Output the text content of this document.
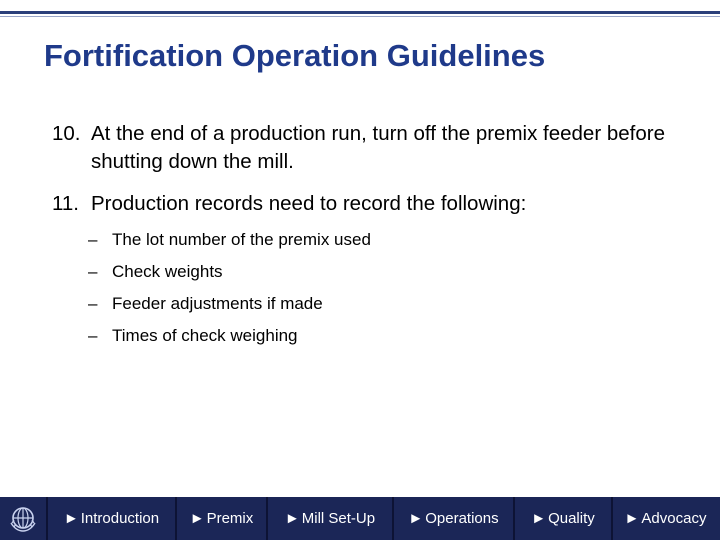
Fortification Operation Guidelines
10. At the end of a production run, turn off the premix feeder before shutting down the mill.
11. Production records need to record the following:
– The lot number of the premix used
– Check weights
– Feeder adjustments if made
– Times of check weighing
► Introduction ► Premix ► Mill Set-Up ► Operations ► Quality ► Advocacy
